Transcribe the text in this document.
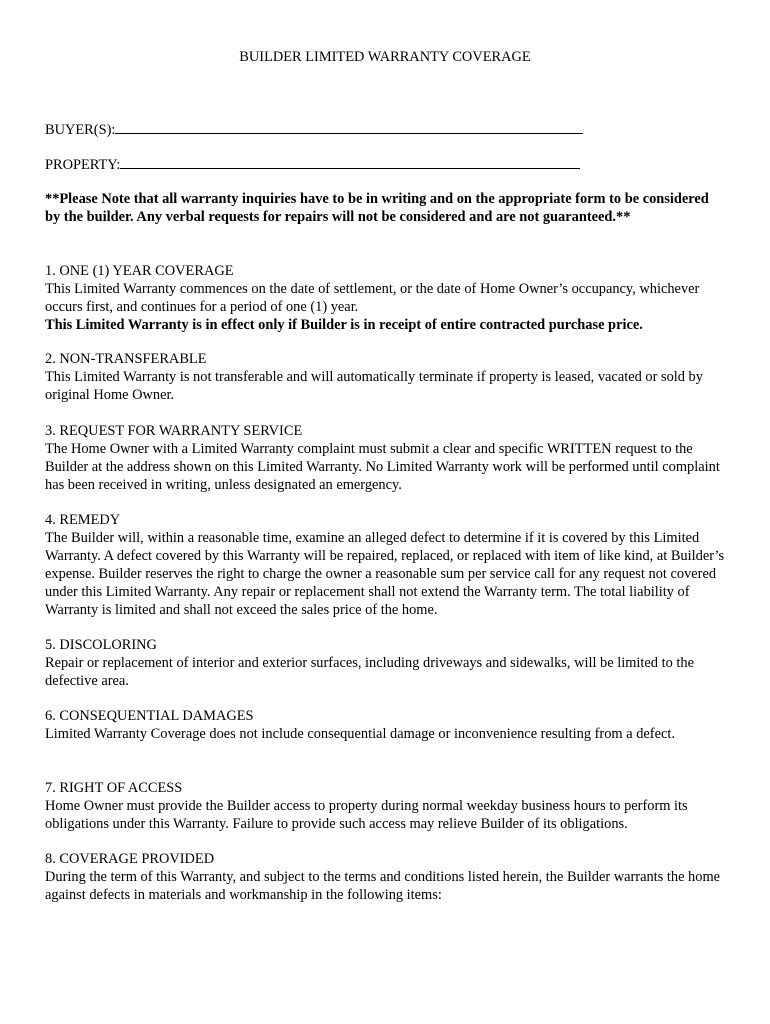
BUILDER LIMITED WARRANTY COVERAGE
BUYER(S):
PROPERTY:
**Please Note that all warranty inquiries have to be in writing and on the appropriate form to be considered by the builder. Any verbal requests for repairs will not be considered and are not guaranteed.**

1. ONE (1) YEAR COVERAGE

This Limited Warranty commences on the date of settlement, or the date of Home Owner’s occupancy, whichever occurs first, and continues for a period of one (1) year.

This Limited Warranty is in effect only if Builder is in receipt of entire contracted purchase price.

2. NON-TRANSFERABLE

This Limited Warranty is not transferable and will automatically terminate if property is leased, vacated or sold by original Home Owner.

3. REQUEST FOR WARRANTY SERVICE

The Home Owner with a Limited Warranty complaint must submit a clear and specific WRITTEN request to the Builder at the address shown on this Limited Warranty. No Limited Warranty work will be performed until complaint has been received in writing, unless designated an emergency.

4. REMEDY

The Builder will, within a reasonable time, examine an alleged defect to determine if it is covered by this Limited Warranty. A defect covered by this Warranty will be repaired, replaced, or replaced with item of like kind, at Builder’s expense. Builder reserves the right to charge the owner a reasonable sum per service call for any request not covered under this Limited Warranty. Any repair or replacement shall not extend the Warranty term. The total liability of Warranty is limited and shall not exceed the sales price of the home.

5. DISCOLORING

Repair or replacement of interior and exterior surfaces, including driveways and sidewalks, will be limited to the defective area.

6. CONSEQUENTIAL DAMAGES

Limited Warranty Coverage does not include consequential damage or inconvenience resulting from a defect.

7. RIGHT OF ACCESS

Home Owner must provide the Builder access to property during normal weekday business hours to perform its obligations under this Warranty. Failure to provide such access may relieve Builder of its obligations.

8. COVERAGE PROVIDED

During the term of this Warranty, and subject to the terms and conditions listed herein, the Builder warrants the home against defects in materials and workmanship in the following items:
